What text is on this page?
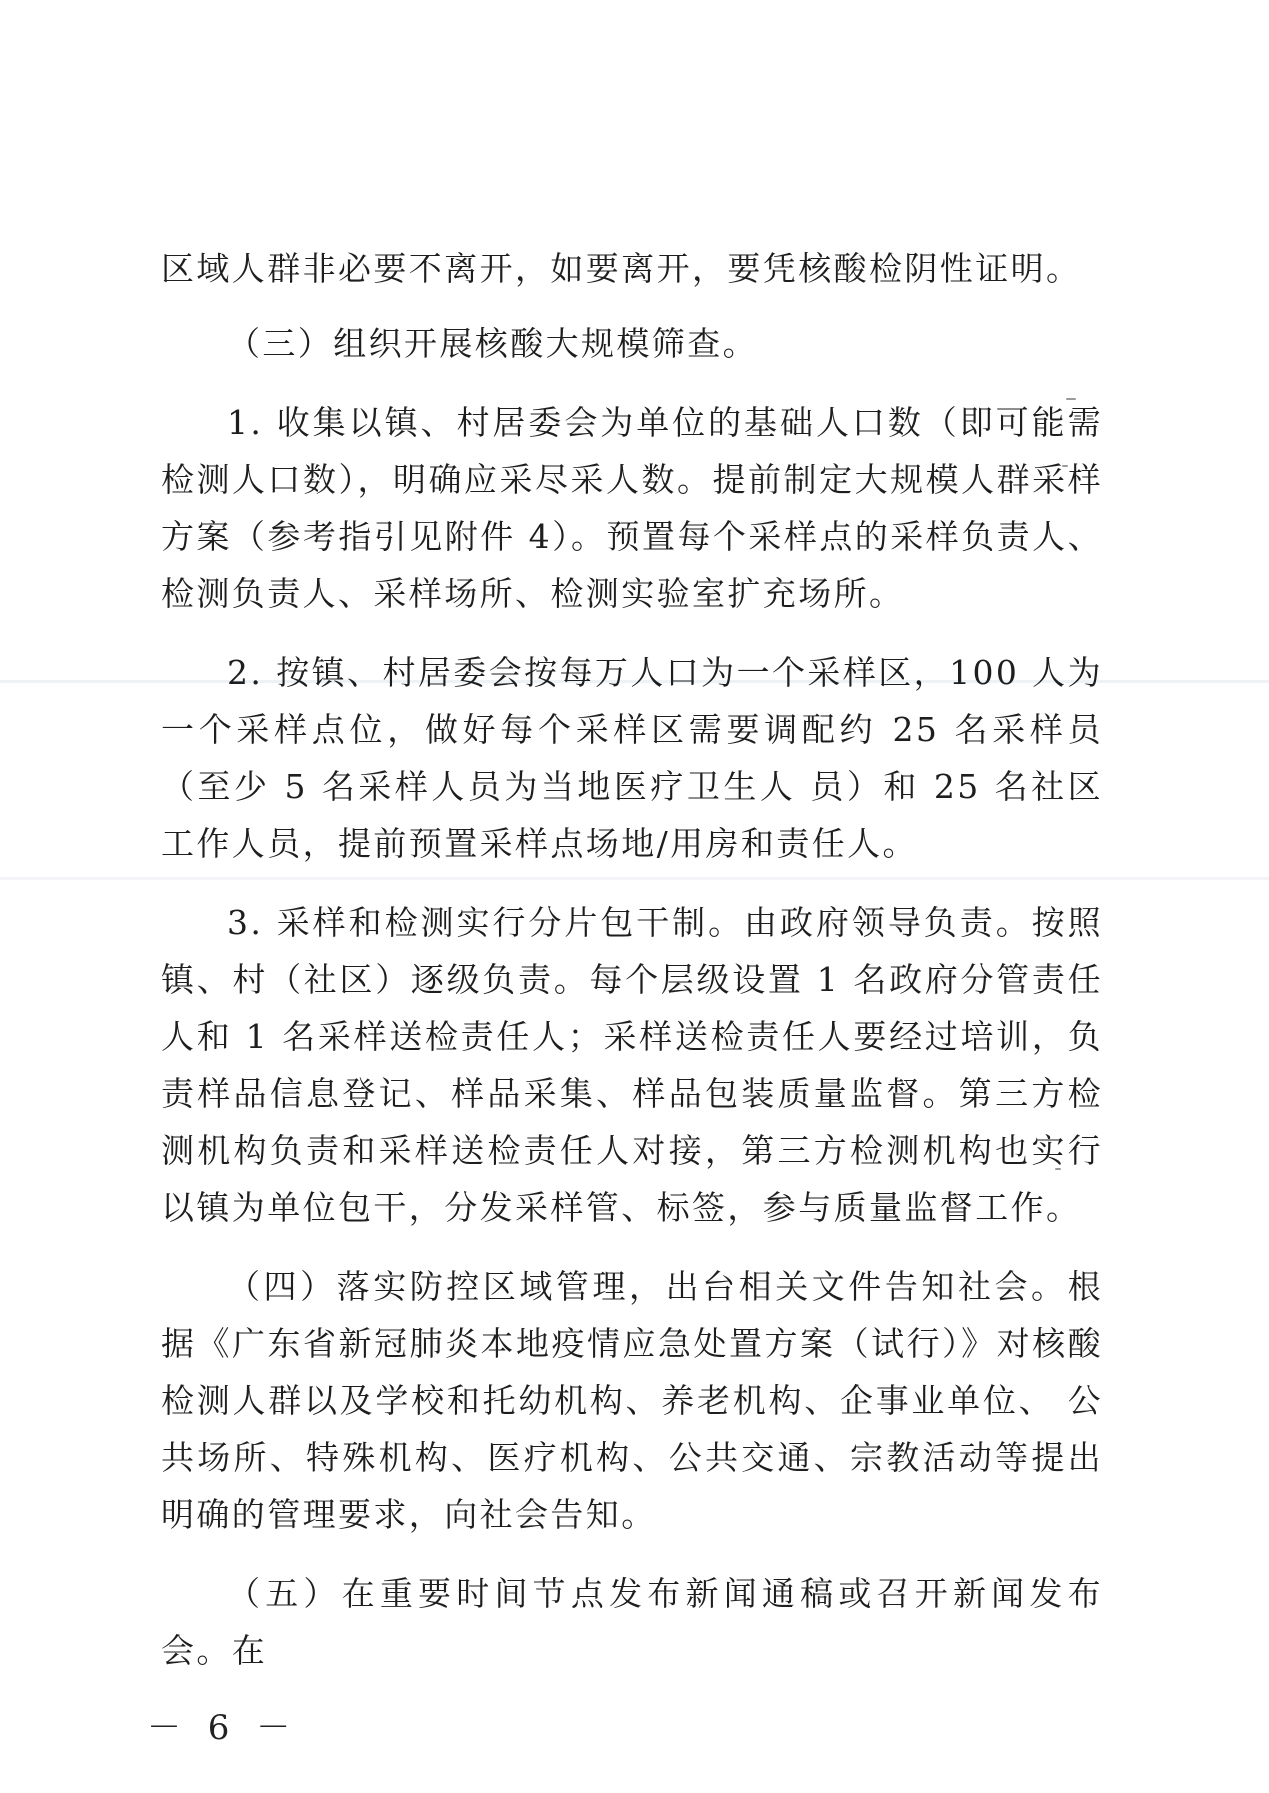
区域人群非必要不离开，如要离开，要凭核酸检阴性证明。

（三）组织开展核酸大规模筛查。

1. 收集以镇、村居委会为单位的基础人口数（即可能需检测人口数），明确应采尽采人数。提前制定大规模人群采样方案（参考指引见附件 4）。预置每个采样点的采样负责人、检测负责人、采样场所、检测实验室扩充场所。

2. 按镇、村居委会按每万人口为一个采样区，100 人为一个采样点位，做好每个采样区需要调配约 25 名采样员（至少 5 名采样人员为当地医疗卫生人 员）和 25 名社区工作人员，提前预置采样点场地/用房和责任人。

3. 采样和检测实行分片包干制。由政府领导负责。按照镇、村（社区）逐级负责。每个层级设置 1 名政府分管责任人和 1 名采样送检责任人；采样送检责任人要经过培训，负责样品信息登记、样品采集、样品包装质量监督。第三方检测机构负责和采样送检责任人对接，第三方检测机构也实行以镇为单位包干，分发采样管、标签，参与质量监督工作。

（四）落实防控区域管理，出台相关文件告知社会。根据《广东省新冠肺炎本地疫情应急处置方案（试行）》对核酸检测人群以及学校和托幼机构、养老机构、企事业单位、 公共场所、特殊机构、医疗机构、公共交通、宗教活动等提出明确的管理要求，向社会告知。

（五）在重要时间节点发布新闻通稿或召开新闻发布会。在

－ 6 －
